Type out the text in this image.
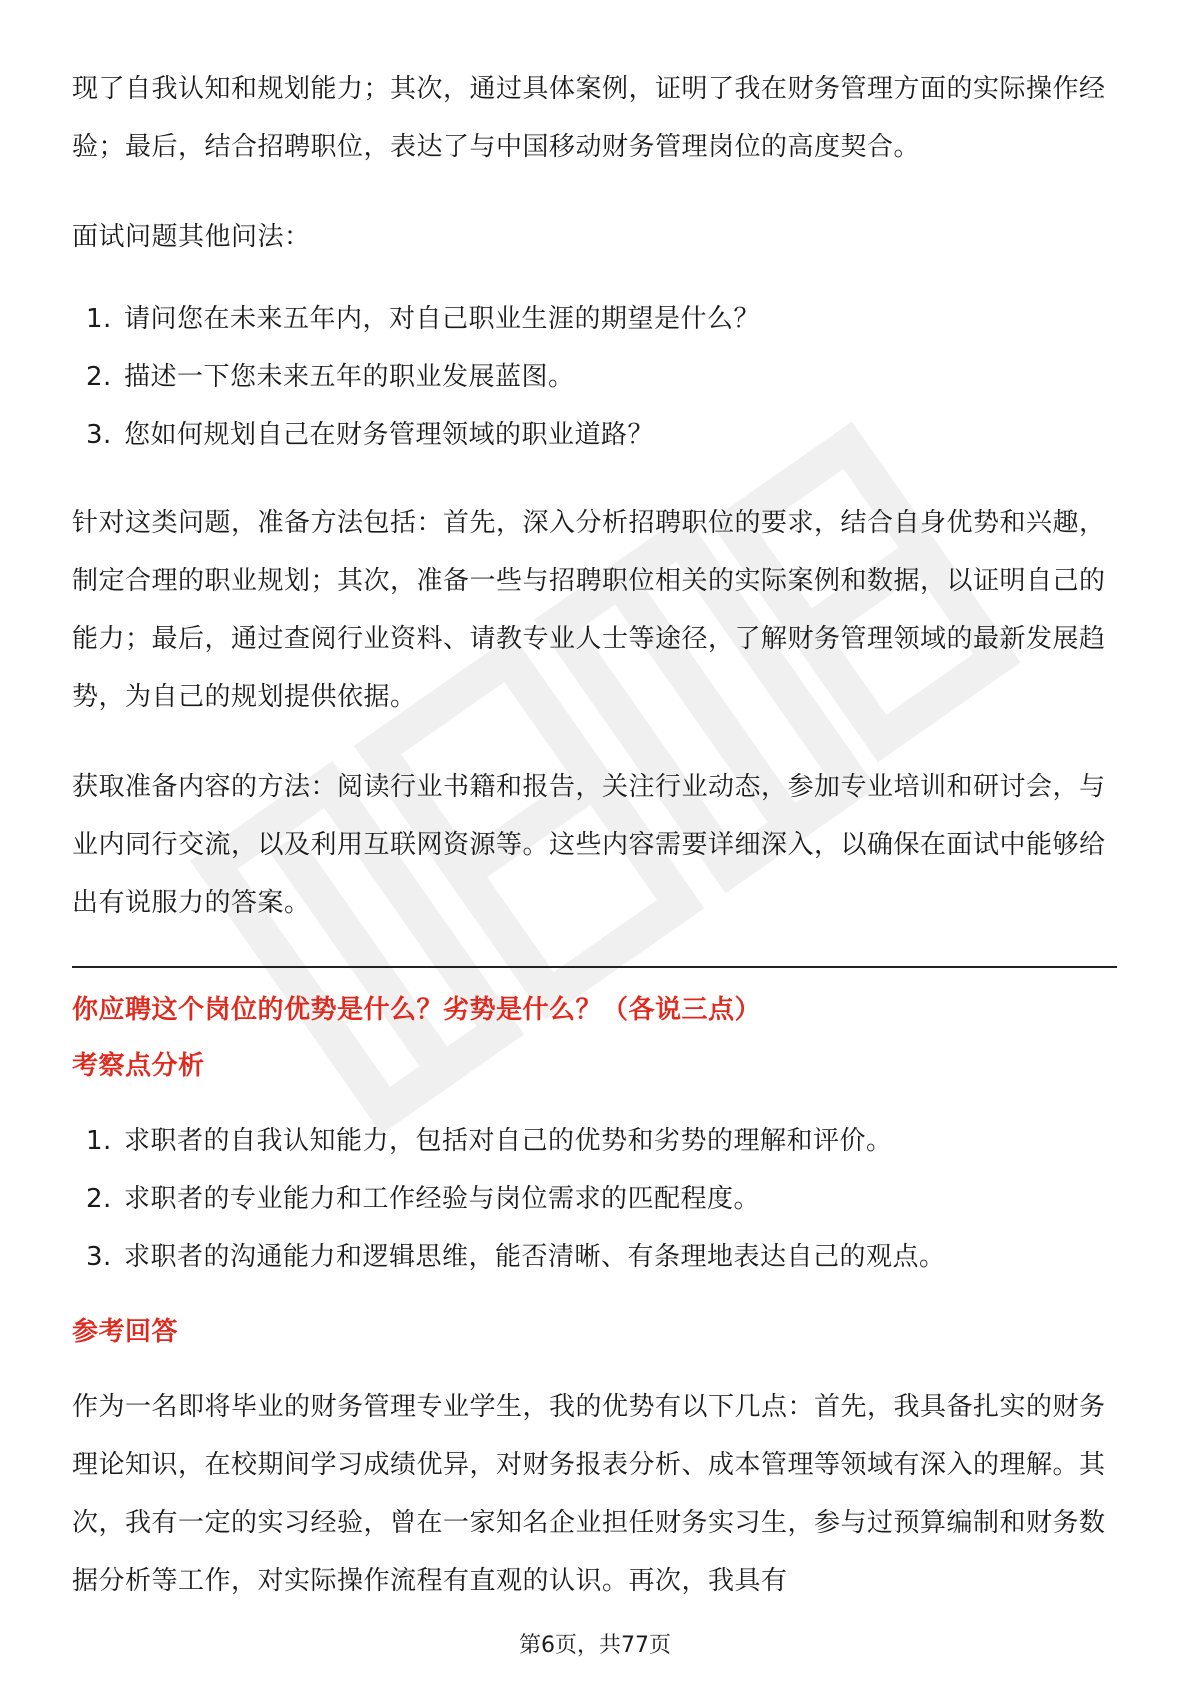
现了自我认知和规划能力；其次，通过具体案例，证明了我在财务管理方面的实际操作经验；最后，结合招聘职位，表达了与中国移动财务管理岗位的高度契合。

面试问题其他问法：

1. 请问您在未来五年内，对自己职业生涯的期望是什么？
2. 描述一下您未来五年的职业发展蓝图。
3. 您如何规划自己在财务管理领域的职业道路？

针对这类问题，准备方法包括：首先，深入分析招聘职位的要求，结合自身优势和兴趣，制定合理的职业规划；其次，准备一些与招聘职位相关的实际案例和数据，以证明自己的能力；最后，通过查阅行业资料、请教专业人士等途径，了解财务管理领域的最新发展趋势，为自己的规划提供依据。

获取准备内容的方法：阅读行业书籍和报告，关注行业动态，参加专业培训和研讨会，与业内同行交流，以及利用互联网资源等。这些内容需要详细深入，以确保在面试中能够给出有说服力的答案。

你应聘这个岗位的优势是什么？劣势是什么？（各说三点）

考察点分析

1. 求职者的自我认知能力，包括对自己的优势和劣势的理解和评价。
2. 求职者的专业能力和工作经验与岗位需求的匹配程度。
3. 求职者的沟通能力和逻辑思维，能否清晰、有条理地表达自己的观点。

参考回答

作为一名即将毕业的财务管理专业学生，我的优势有以下几点：首先，我具备扎实的财务理论知识，在校期间学习成绩优异，对财务报表分析、成本管理等领域有深入的理解。其次，我有一定的实习经验，曾在一家知名企业担任财务实习生，参与过预算编制和财务数据分析等工作，对实际操作流程有直观的认识。再次，我具有

第6页，共77页
